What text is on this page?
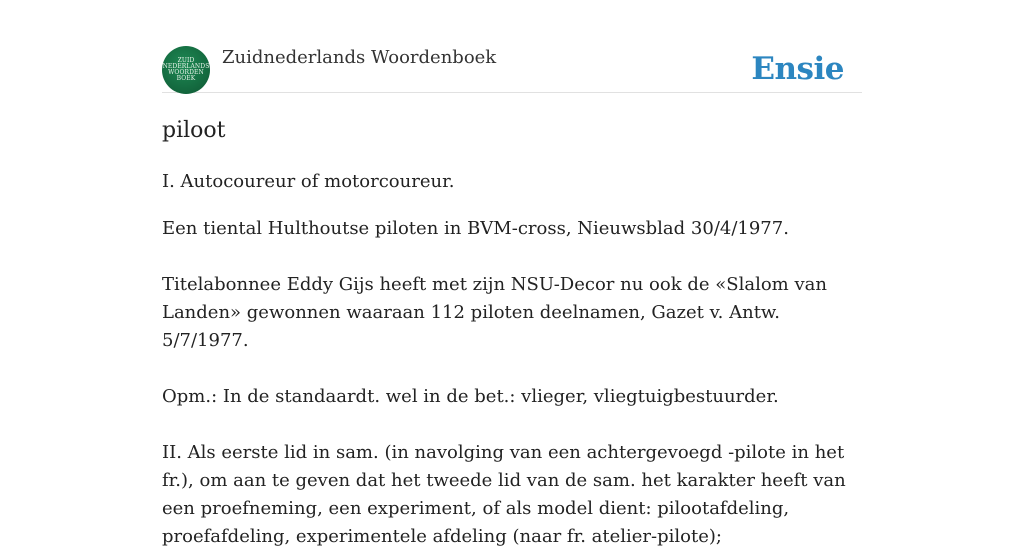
ZUID
NEDERLANDS
WOORDEN
BOEK
Zuidnederlands Woordenboek	Ensie
piloot

I. Autocoureur of motorcoureur.

Een tiental Hulthoutse piloten in BVM-cross, Nieuwsblad 30/4/1977.

Titelabonnee Eddy Gijs heeft met zijn NSU-Decor nu ook de «Slalom van Landen» gewonnen waaraan 112 piloten deelnamen, Gazet v. Antw. 5/7/1977.

Opm.: In de standaardt. wel in de bet.: vlieger, vliegtuigbestuurder.

II. Als eerste lid in sam. (in navolging van een achtergevoegd -pilote in het fr.), om aan te geven dat het tweede lid van de sam. het karakter heeft van een proefneming, een experiment, of als model dient: pilootafdeling, proefafdeling, experimentele afdeling (naar fr. atelier-pilote);
